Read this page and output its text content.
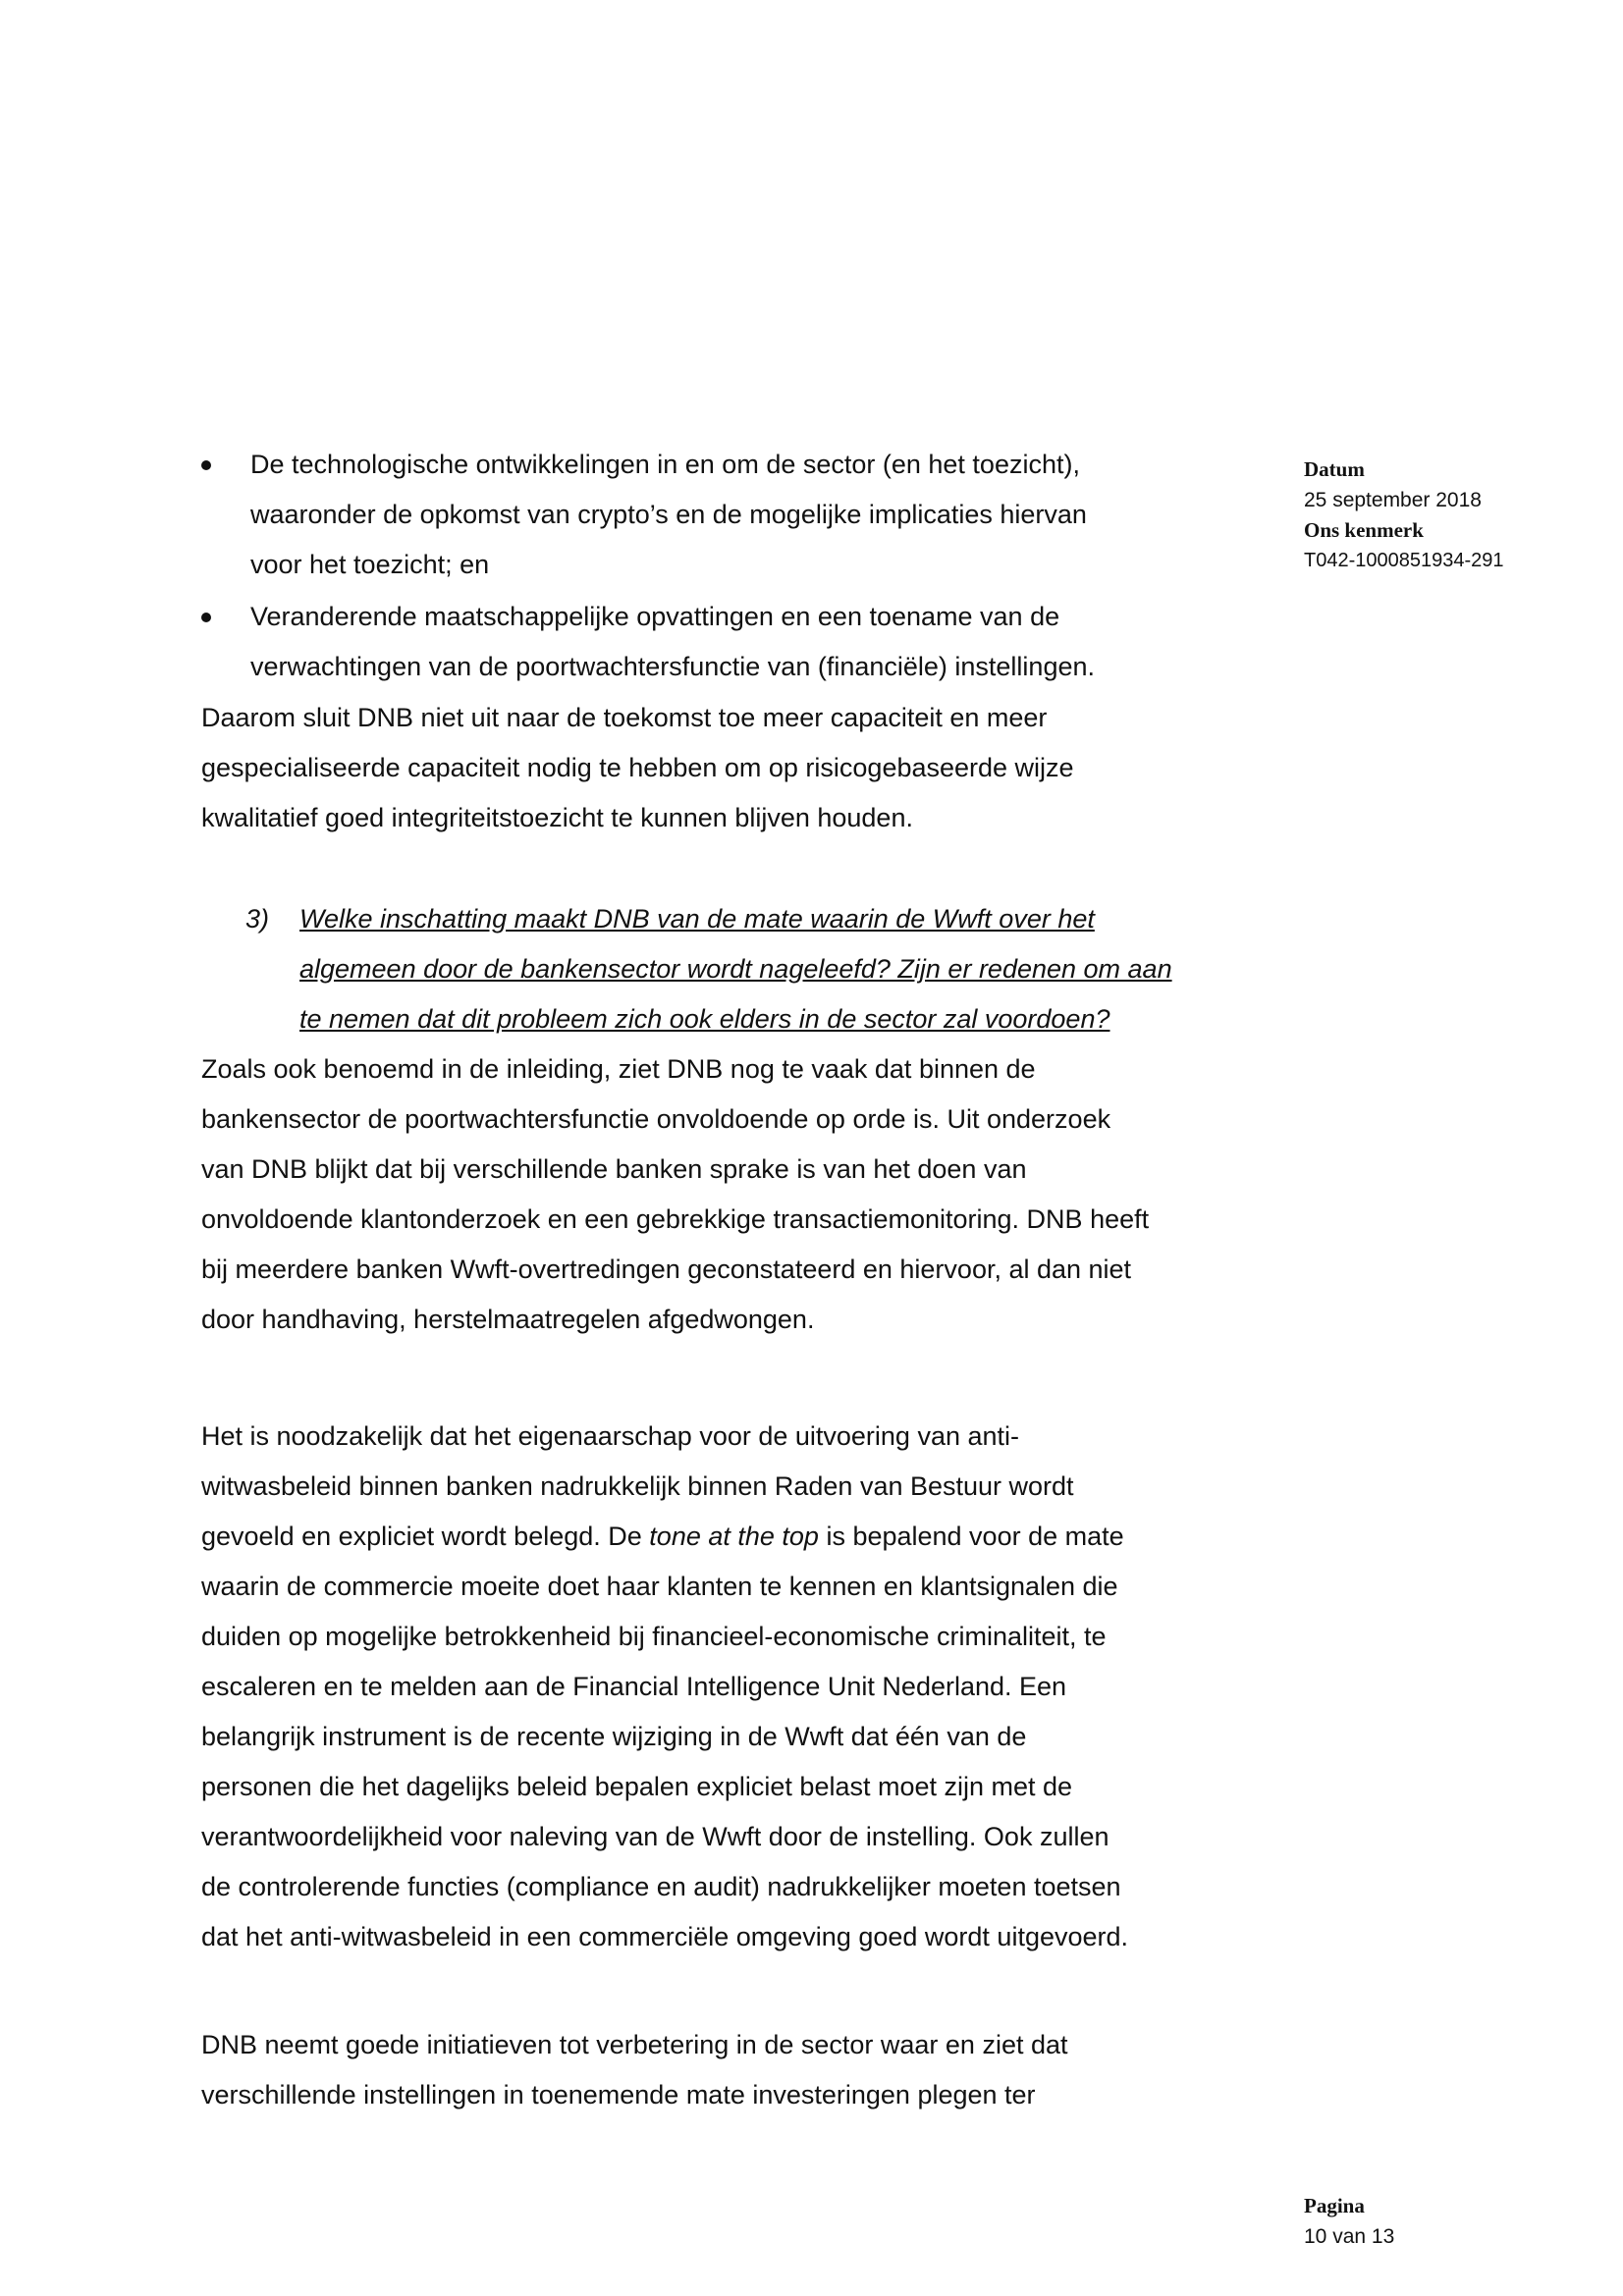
Datum
25 september 2018
Ons kenmerk
T042-1000851934-291
De technologische ontwikkelingen in en om de sector (en het toezicht),
waaronder de opkomst van crypto’s en de mogelijke implicaties hiervan
voor het toezicht; en
Veranderende maatschappelijke opvattingen en een toename van de
verwachtingen van de poortwachtersfunctie van (financiële) instellingen.
Daarom sluit DNB niet uit naar de toekomst toe meer capaciteit en meer
gespecialiseerde capaciteit nodig te hebben om op risicogebaseerde wijze
kwalitatief goed integriteitstoezicht te kunnen blijven houden.
3) Welke inschatting maakt DNB van de mate waarin de Wwft over het
algemeen door de bankensector wordt nageleefd? Zijn er redenen om aan
te nemen dat dit probleem zich ook elders in de sector zal voordoen?
Zoals ook benoemd in de inleiding, ziet DNB nog te vaak dat binnen de
bankensector de poortwachtersfunctie onvoldoende op orde is. Uit onderzoek
van DNB blijkt dat bij verschillende banken sprake is van het doen van
onvoldoende klantonderzoek en een gebrekkige transactiemonitoring. DNB heeft
bij meerdere banken Wwft-overtredingen geconstateerd en hiervoor, al dan niet
door handhaving, herstelmaatregelen afgedwongen.
Het is noodzakelijk dat het eigenaarschap voor de uitvoering van anti-
witwasbeleid binnen banken nadrukkelijk binnen Raden van Bestuur wordt
gevoeld en expliciet wordt belegd. De tone at the top is bepalend voor de mate
waarin de commercie moeite doet haar klanten te kennen en klantsignalen die
duiden op mogelijke betrokkenheid bij financieel-economische criminaliteit, te
escaleren en te melden aan de Financial Intelligence Unit Nederland. Een
belangrijk instrument is de recente wijziging in de Wwft dat één van de
personen die het dagelijks beleid bepalen expliciet belast moet zijn met de
verantwoordelijkheid voor naleving van de Wwft door de instelling. Ook zullen
de controlerende functies (compliance en audit) nadrukkelijker moeten toetsen
dat het anti-witwasbeleid in een commerciële omgeving goed wordt uitgevoerd.
DNB neemt goede initiatieven tot verbetering in de sector waar en ziet dat
verschillende instellingen in toenemende mate investeringen plegen ter
Pagina
10 van 13
